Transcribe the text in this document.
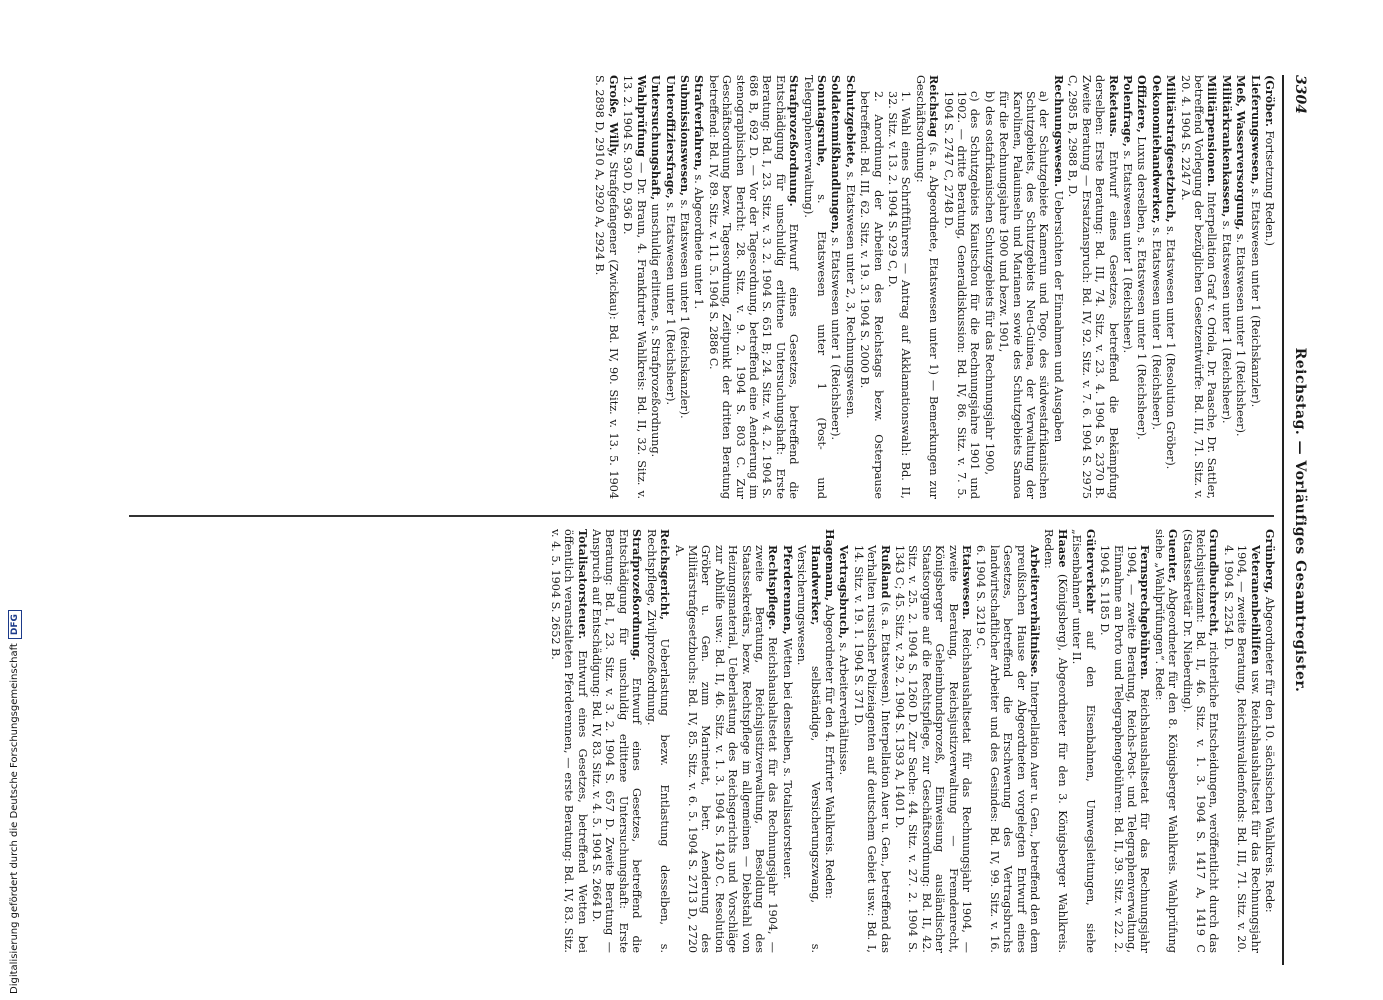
3304
Reichstag. — Vorläufiges Gesamtregister.
(Gröber. Fortsetzung Reden.)
Lieferungswesen, s. Etatswesen unter 1 (Reichskanzler).
Meß, Wasserversorgung, s. Etatswesen unter 1 (Reichsheer).
Militärkrankenkassen, s. Etatswesen unter 1 (Reichsheer).
Militärpensionen. Interpellation Graf v. Oriola, Dr. Paasche, Dr. Sattler, betreffend Vorlegung der bezüglichen Gesetzentwürfe: Bd. III, 71. Sitz. v. 20. 4. 1904 S. 2247 A.
Militärstrafgesetzbuch, s. Etatswesen unter 1 (Resolution Gröber).
Oekonomiehandwerker, s. Etatswesen unter 1 (Reichsheer).
Offiziere, Luxus derselben, s. Etatswesen unter 1 (Reichsheer).
Polenfrage, s. Etatswesen unter 1 (Reichsheer).
Reketaus. Entwurf eines Gesetzes, betreffend die Bekämpfung derselben: Erste Beratung: Bd. III, 74. Sitz. v. 23. 4. 1904 S. 2370 B. Zweite Beratung — Ersatzanspruch: Bd. IV, 92. Sitz. v. 7. 6. 1904 S. 2975 C, 2985 B, 2988 B, D.
Rechnungswesen. Uebersichten der Einnahmen und Ausgaben
a) der Schutzgebiete Kamerun und Togo, des südwestafrikanischen Schutzgebiets, des Schutzgebiets Neu-Guinea, der Verwaltung der Karolinen, Palauinseln und Marianen sowie des Schutzgebiets Samoa für die Rechnungsjahre 1900 und bezw. 1901,
b) des ostafrikanischen Schutzgebiets für das Rechnungsjahr 1900,
c) des Schutzgebiets Kiautschou für die Rechnungsjahre 1901 und 1902. — dritte Beratung, Generaldiskussion: Bd. IV, 86. Sitz. v. 7. 5. 1904 S. 2747 C, 2748 D.
Reichstag (s. a. Abgeordnete, Etatswesen unter 1) — Bemerkungen zur Geschäftsordnung:
1. Wahl eines Schriftführers — Antrag auf Akklamationswahl: Bd. II, 32. Sitz. v. 13. 2. 1904 S. 929 C, D.
2. Anordnung der Arbeiten des Reichstags bezw. Osterpause betreffend: Bd. III, 62. Sitz. v. 19. 3. 1904 S. 2000 B.
Schutzgebiete, s. Etatswesen unter 2, 3, Rechnungswesen.
Soldatenmißhandlungen, s. Etatswesen unter 1 (Reichsheer).
Sonntagsruhe, s. Etatswesen unter 1 (Post- und Telegraphenverwaltung).
Strafprozeßordnung. Entwurf eines Gesetzes, betreffend die Entschädigung für unschuldig erlittene Untersuchungshaft: Erste Beratung: Bd. I, 23. Sitz. v. 3. 2. 1904 S. 651 B; 24. Sitz. v. 4. 2. 1904 S. 686 B, 692 D. — Vor der Tagesordnung, betreffend eine Aenderung im stenographischen Bericht: 28. Sitz. v. 9. 2. 1904 S. 803 C. Zur Geschäftsordnung bezw. Tagesordnung, Zeitpunkt der dritten Beratung betreffend: Bd. IV, 89. Sitz. v. 11. 5. 1904 S. 2886 C.
Strafverfahren, s. Abgeordnete unter 1.
Submissionswesen, s. Etatswesen unter 1 (Reichskanzler).
Unteroffiziersfrage, s. Etatswesen unter 1 (Reichsheer).
Untersuchungshaft, unschuldig erlittene, s. Strafprozeßordnung.
Wahlprüfung — Dr. Braun, 4. Frankfurter Wahlkreis: Bd. II, 32. Sitz. v. 13. 2. 1904 S. 930 D, 936 D.
Große, Willy, Strafgefangener (Zwickau): Bd. IV, 90. Sitz. v. 13. 5. 1904 S. 2898 D, 2910 A, 2920 A, 2924 B.
Grünberg, Abgeordneter für den 10. sächsischen Wahlkreis. Rede:
Veteranenbeihilfen usw. Reichshaushaltsetat für das Rechnungsjahr 1904, — zweite Beratung, Reichsinvalidenfonds: Bd. III, 71. Sitz. v. 20. 4. 1904 S. 2254 D.
Grundbuchrecht, richterliche Entscheidungen, veröffentlicht durch das Reichsjustizamt: Bd. II, 46. Sitz. v. 1. 3. 1904 S. 1417 A, 1419 C (Staatssekretär Dr. Nieberding).
Guenter, Abgeordneter für den 8. Königsberger Wahlkreis. Wahlprüfung siehe „Wahlprüfungen“. Rede:
Fernsprechgebühren. Reichshaushaltsetat für das Rechnungsjahr 1904, — zweite Beratung, Reichs-Post- und Telegraphenverwaltung, Einnahme an Porto und Telegraphengebühren: Bd. II, 39. Sitz. v. 22. 2. 1904 S. 1185 D.
Güterverkehr auf den Eisenbahnen, Umwegsleitungen, siehe „Eisenbahnen“ unter II.
Haase (Königsberg), Abgeordneter für den 3. Königsberger Wahlkreis. Reden:
Arbeiterverhältnisse. Interpellation Auer u. Gen., betreffend den dem preußischen Hause der Abgeordneten vorgelegten Entwurf eines Gesetzes, betreffend die Erschwerung des Vertragsbruchs landwirtschaftlicher Arbeiter und des Gesindes: Bd. IV, 99. Sitz. v. 16. 6. 1904 S. 3219 C.
Etatswesen. Reichshaushaltsetat für das Rechnungsjahr 1904, — zweite Beratung, Reichsjustizverwaltung — Fremdenrecht, Königsberger Geheimbundsprozeß, Einweisung ausländischer Staatsorgane auf die Rechtspflege, zur Geschäftsordnung: Bd. II, 42. Sitz. v. 25. 2. 1904 S. 1260 D. Zur Sache: 44. Sitz. v. 27. 2. 1904 S. 1343 C; 45. Sitz. v. 29. 2. 1904 S. 1393 A, 1401 D.
Rußland (s. a. Etatswesen). Interpellation Auer u. Gen., betreffend das Verhalten russischer Polizeiagenten auf deutschem Gebiet usw.: Bd. I, 14. Sitz. v. 19. 1. 1904 S. 371 D.
Vertragsbruch, s. Arbeiterverhältnisse.
Hagemann, Abgeordneter für den 4. Erfurter Wahlkreis. Reden:
Handwerker, selbständige, Versicherungszwang, s. Versicherungswesen.
Pferderennen, Wetten bei denselben, s. Totalisatorsteuer.
Rechtspflege. Reichshaushaltsetat für das Rechnungsjahr 1904, — zweite Beratung, Reichsjustizverwaltung, Besoldung des Staatssekretärs, bezw. Rechtspflege im allgemeinen — Diebstahl von Heizungsmaterial, Ueberlastung des Reichsgerichts und Vorschläge zur Abhilfe usw.: Bd. II, 46. Sitz. v. 1. 3. 1904 S. 1420 C. Resolution Gröber u. Gen. zum Marinetat, betr. Aenderung des Militärstrafgesetzbuchs: Bd. IV, 85. Sitz. v. 6. 5. 1904 S. 2713 D, 2720 A.
Reichsgericht, Ueberlastung bezw. Entlastung desselben, s. Rechtspflege, Zivilprozeßordnung.
Strafprozeßordnung. Entwurf eines Gesetzes, betreffend die Entschädigung für unschuldig erlittene Untersuchungshaft: Erste Beratung: Bd. I, 23. Sitz. v. 3. 2. 1904 S. 657 D. Zweite Beratung — Anspruch auf Entschädigung: Bd. IV, 83. Sitz. v. 4. 5. 1904 S. 2664 D.
Totalisatorsteuer. Entwurf eines Gesetzes, betreffend Wetten bei öffentlich veranstalteten Pferderennen, — erste Beratung: Bd. IV, 83. Sitz. v. 4. 5. 1904 S. 2652 B.
Digitalisierung gefördert durch die Deutsche ForschungsgemeinschaftDFG
